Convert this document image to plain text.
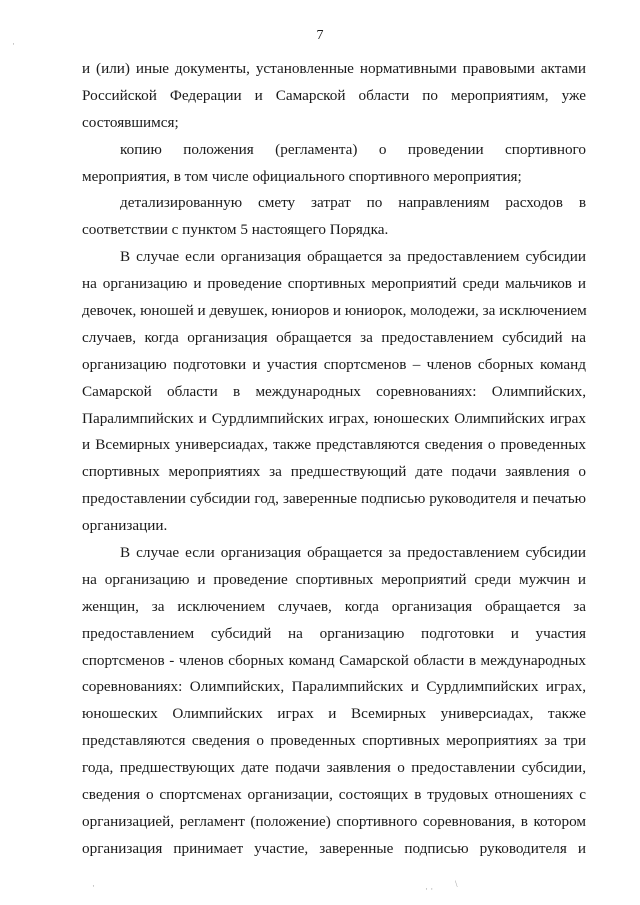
7
и (или) иные документы, установленные нормативными правовыми актами
Российской Федерации и Самарской области по мероприятиям, уже
состоявшимся;
копию положения (регламента) о проведении спортивного
мероприятия, в том числе официального спортивного мероприятия;
детализированную смету затрат по направлениям расходов в
соответствии с пунктом 5 настоящего Порядка.
В случае если организация обращается за предоставлением субсидии
на организацию и проведение спортивных мероприятий среди мальчиков и
девочек, юношей и девушек, юниоров и юниорок, молодежи, за исключением
случаев, когда организация обращается за предоставлением субсидий на
организацию подготовки и участия спортсменов – членов сборных команд
Самарской области в международных соревнованиях: Олимпийских,
Паралимпийских и Сурдлимпийских играх, юношеских Олимпийских играх
и Всемирных универсиадах, также представляются сведения о проведенных
спортивных мероприятиях за предшествующий дате подачи заявления о
предоставлении субсидии год, заверенные подписью руководителя и печатью
организации.
В случае если организация обращается за предоставлением субсидии
на организацию и проведение спортивных мероприятий среди мужчин и
женщин, за исключением случаев, когда организация обращается за
предоставлением субсидий на организацию подготовки и участия
спортсменов - членов сборных команд Самарской области в международных
соревнованиях: Олимпийских, Паралимпийских и Сурдлимпийских играх,
юношеских Олимпийских играх и Всемирных универсиадах, также
представляются сведения о проведенных спортивных мероприятиях за три
года, предшествующих дате подачи заявления о предоставлении субсидии,
сведения о спортсменах организации, состоящих в трудовых отношениях с
организацией, регламент (положение) спортивного соревнования, в котором
организация принимает участие, заверенные подписью руководителя и
·
·	· · \
